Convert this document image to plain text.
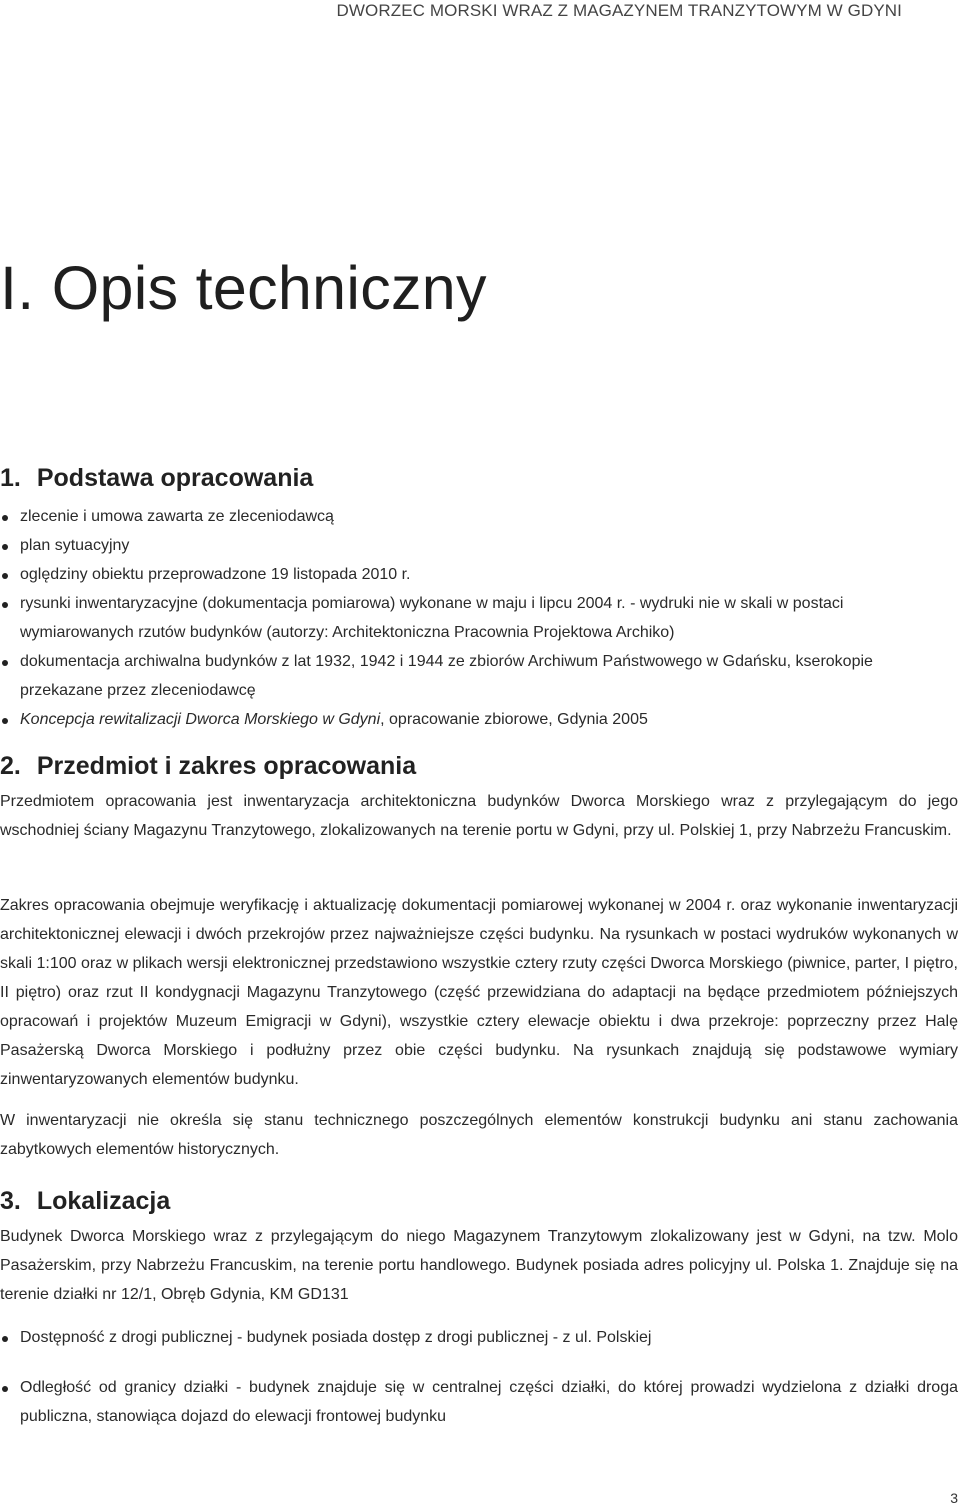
DWORZEC MORSKI WRAZ Z MAGAZYNEM TRANZYTOWYM W GDYNI
I. Opis techniczny
1. Podstawa opracowania
zlecenie i umowa zawarta ze zleceniodawcą
plan sytuacyjny
oględziny obiektu przeprowadzone 19 listopada 2010 r.
rysunki inwentaryzacyjne (dokumentacja pomiarowa) wykonane w maju i lipcu 2004 r. - wydruki nie w skali w postaci wymiarowanych rzutów budynków (autorzy: Architektoniczna Pracownia Projektowa Archiko)
dokumentacja archiwalna budynków z lat 1932, 1942 i 1944 ze zbiorów Archiwum Państwowego w Gdańsku, kserokopie przekazane przez zleceniodawcę
Koncepcja rewitalizacji Dworca Morskiego w Gdyni, opracowanie zbiorowe, Gdynia 2005
2. Przedmiot i zakres opracowania

Przedmiotem opracowania jest inwentaryzacja architektoniczna budynków Dworca Morskiego wraz z przylegającym do jego wschodniej ściany Magazynu Tranzytowego, zlokalizowanych na terenie portu w Gdyni, przy ul. Polskiej 1, przy Nabrzeżu Francuskim.

Zakres opracowania obejmuje weryfikację i aktualizację dokumentacji pomiarowej wykonanej w 2004 r. oraz wykonanie inwentaryzacji architektonicznej elewacji i dwóch przekrojów przez najważniejsze części budynku. Na rysunkach w postaci wydruków wykonanych w skali 1:100 oraz w plikach wersji elektronicznej przedstawiono wszystkie cztery rzuty części Dworca Morskiego (piwnice, parter, I piętro, II piętro) oraz rzut II kondygnacji Magazynu Tranzytowego (część przewidziana do adaptacji na będące przedmiotem późniejszych opracowań i projektów Muzeum Emigracji w Gdyni), wszystkie cztery elewacje obiektu i dwa przekroje: poprzeczny przez Halę Pasażerską Dworca Morskiego i podłużny przez obie części budynku. Na rysunkach znajdują się podstawowe wymiary zinwentaryzowanych elementów budynku.

W inwentaryzacji nie określa się stanu technicznego poszczególnych elementów konstrukcji budynku ani stanu zachowania zabytkowych elementów historycznych.

3. Lokalizacja

Budynek Dworca Morskiego wraz z przylegającym do niego Magazynem Tranzytowym zlokalizowany jest w Gdyni, na tzw. Molo Pasażerskim, przy Nabrzeżu Francuskim, na terenie portu handlowego. Budynek posiada adres policyjny ul. Polska 1. Znajduje się na terenie działki nr 12/1, Obręb Gdynia, KM GD131

Dostępność z drogi publicznej - budynek posiada dostęp z drogi publicznej - z ul. Polskiej
Odległość od granicy działki - budynek znajduje się w centralnej części działki, do której prowadzi wydzielona z działki droga publiczna, stanowiąca dojazd do elewacji frontowej budynku
3
